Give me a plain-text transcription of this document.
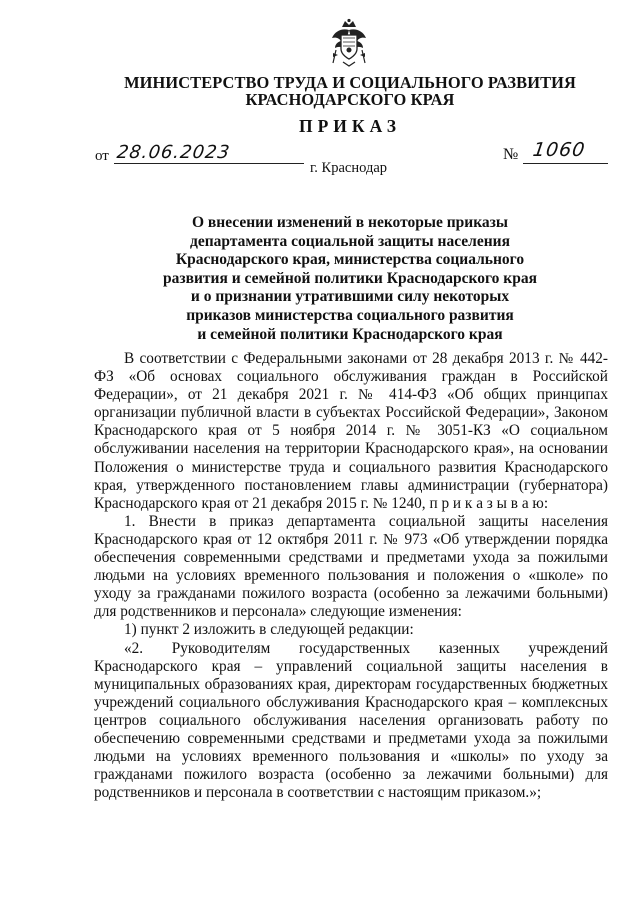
МИНИСТЕРСТВО ТРУДА И СОЦИАЛЬНОГО РАЗВИТИЯ
КРАСНОДАРСКОГО КРАЯ
ПРИКАЗ
от 28.06.2023	№ 1060
г. Краснодар
О внесении изменений в некоторые приказы
департамента социальной защиты населения
Краснодарского края, министерства социального
развития и семейной политики Краснодарского края
и о признании утратившими силу некоторых
приказов министерства социального развития
и семейной политики Краснодарского края

В соответствии с Федеральными законами от 28 декабря 2013 г. № 442-ФЗ «Об основах социального обслуживания граждан в Российской Федерации», от 21 декабря 2021 г. № 414-ФЗ «Об общих принципах организации публичной власти в субъектах Российской Федерации», Законом Краснодарского края от 5 ноября 2014 г. № 3051-КЗ «О социальном обслуживании населения на территории Краснодарского края», на основании Положения о министерстве труда и социального развития Краснодарского края, утвержденного постановлением главы администрации (губернатора) Краснодарского края от 21 декабря 2015 г. № 1240, п р и к а з ы в а ю:

1. Внести в приказ департамента социальной защиты населения Краснодарского края от 12 октября 2011 г. № 973 «Об утверждении порядка обеспечения современными средствами и предметами ухода за пожилыми людьми на условиях временного пользования и положения о «школе» по уходу за гражданами пожилого возраста (особенно за лежачими больными) для родственников и персонала» следующие изменения:

1) пункт 2 изложить в следующей редакции:

«2. Руководителям государственных казенных учреждений Краснодарского края – управлений социальной защиты населения в муниципальных образованиях края, директорам государственных бюджетных учреждений социального обслуживания Краснодарского края – комплексных центров социального обслуживания населения организовать работу по обеспечению современными средствами и предметами ухода за пожилыми людьми на условиях временного пользования и «школы» по уходу за гражданами пожилого возраста (особенно за лежачими больными) для родственников и персонала в соответствии с настоящим приказом.»;
